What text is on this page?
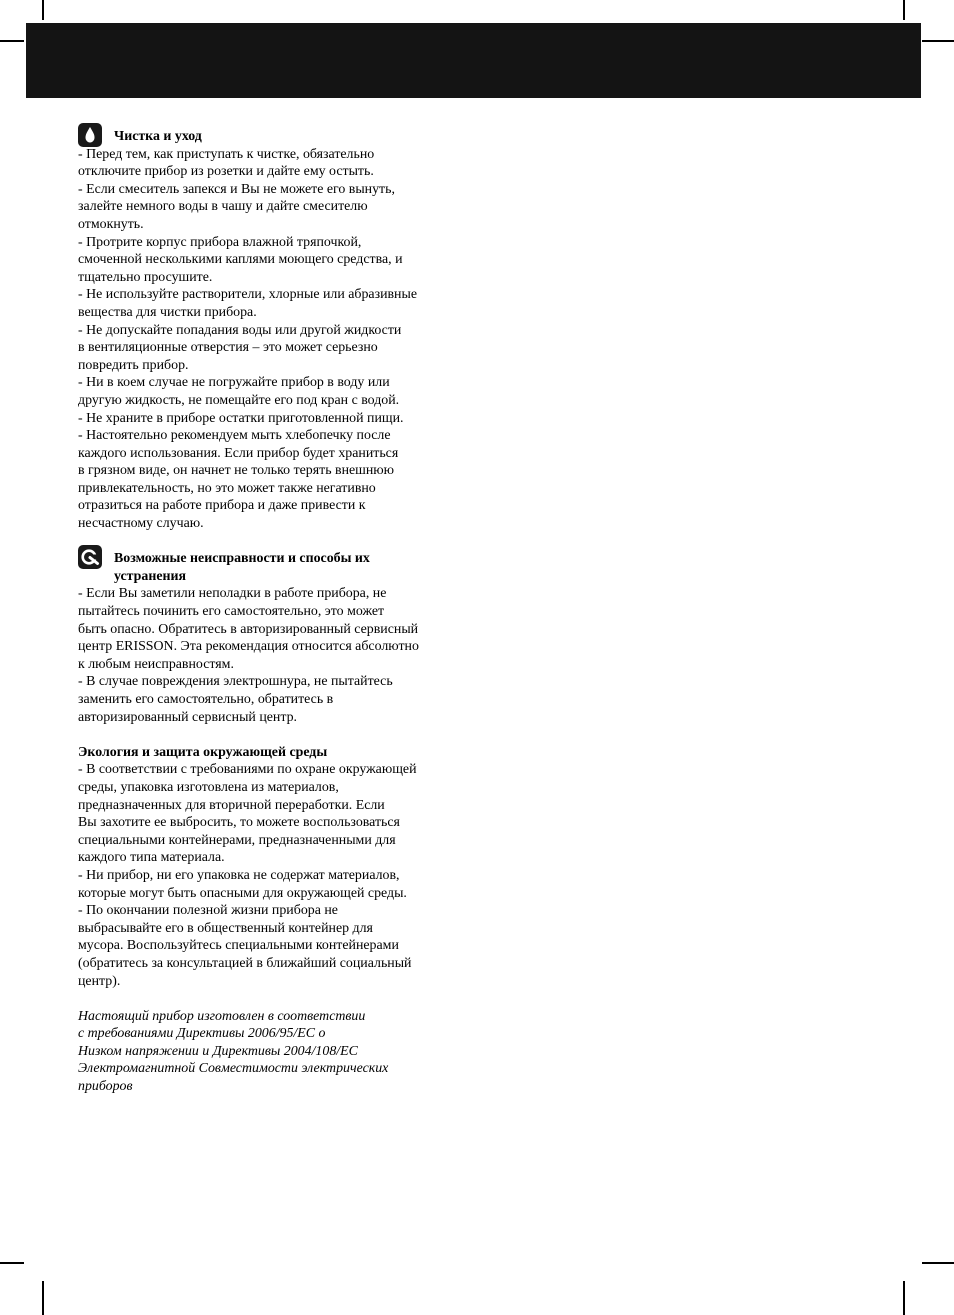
Чистка и уход
- Перед тем, как приступать к чистке, обязательно
отключите прибор из розетки и дайте ему остыть.
- Если смеситель запекся и Вы не можете его вынуть,
залейте немного воды в чашу и дайте смесителю
отмокнуть.
- Протрите корпус прибора влажной тряпочкой,
смоченной несколькими каплями моющего средства, и
тщательно просушите.
- Не используйте растворители, хлорные или абразивные
вещества для чистки прибора.
- Не допускайте попадания воды или другой жидкости
в вентиляционные отверстия – это может серьезно
повредить прибор.
- Ни в коем случае не погружайте прибор в воду или
другую жидкость, не помещайте его под кран с водой.
- Не храните в приборе остатки приготовленной пищи.
- Настоятельно рекомендуем мыть хлебопечку после
каждого использования. Если прибор будет храниться
в грязном виде, он начнет не только терять внешнюю
привлекательность, но это может также негативно
отразиться на работе прибора и даже привести к
несчастному случаю.
Возможные неисправности и способы их
устранения
- Если Вы заметили неполадки в работе прибора, не
пытайтесь починить его самостоятельно, это может
быть опасно. Обратитесь в авторизированный сервисный
центр ERISSON. Эта рекомендация относится абсолютно
к любым неисправностям.
- В случае повреждения электрошнура, не пытайтесь
заменить его самостоятельно, обратитесь в
авторизированный сервисный центр.
Экология и защита окружающей среды
- В соответствии с требованиями по охране окружающей
среды, упаковка изготовлена из материалов,
предназначенных для вторичной переработки. Если
Вы захотите ее выбросить, то можете воспользоваться
специальными контейнерами, предназначенными для
каждого типа материала.
- Ни прибор, ни его упаковка не содержат материалов,
которые могут быть опасными для окружающей среды.
- По окончании полезной жизни прибора не
выбрасывайте его в общественный контейнер для
мусора. Воспользуйтесь специальными контейнерами
(обратитесь за консультацией в ближайший социальный
центр).
Настоящий прибор изготовлен в соответствии
с требованиями Директивы 2006/95/ЕС о
Низком напряжении и Директивы 2004/108/ЕС
Электромагнитной Совместимости электрических
приборов
